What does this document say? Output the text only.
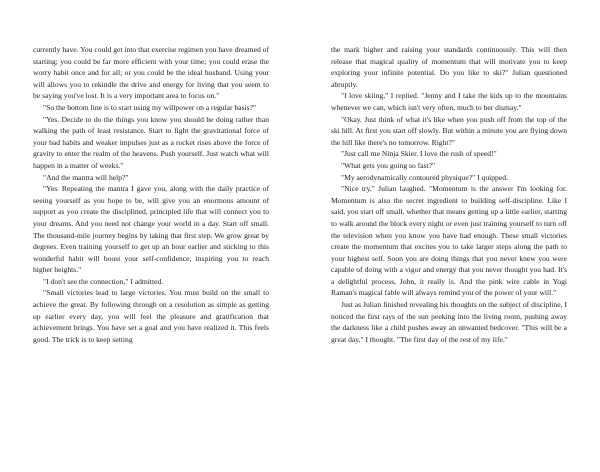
currently have. You could get into that exercise regimen you have dreamed of starting; you could be far more efficient with your time; you could erase the worry habit once and for all; or you could be the ideal husband. Using your will allows you to rekindle the drive and energy for living that you seem to be saying you've lost. It is a very important area to focus on."

"So the bottom line is to start using my willpower on a regular basis?"

"Yes. Decide to do the things you know you should be doing rather than walking the path of least resistance. Start to fight the gravitational force of your bad habits and weaker impulses just as a rocket rises above the force of gravity to enter the realm of the heavens. Push yourself. Just watch what will happen in a matter of weeks."

"And the mantra will help?"

"Yes. Repeating the mantra I gave you, along with the daily practice of seeing yourself as you hope to be, will give you an enormous amount of support as you create the disciplined, principled life that will connect you to your dreams. And you need not change your world in a day. Start off small. The thousand-mile journey begins by taking that first step. We grow great by degrees. Even training yourself to get up an hour earlier and sticking to this wonderful habit will boost your self-confidence, inspiring you to reach higher heights."

"I don't see the connection," I admitted.

"Small victories lead to large victories. You must build on the small to achieve the great. By following through on a resolution as simple as getting up earlier every day, you will feel the pleasure and gratification that achievement brings. You have set a goal and you have realized it. This feels good. The trick is to keep setting

the mark higher and raising your standards continuously. This will then release that magical quality of momentum that will motivate you to keep exploring your infinite potential. Do you like to ski?" Julian questioned abruptly.

"I love skiing," I replied. "Jenny and I take the kids up to the mountains whenever we can, which isn't very often, much to her dismay."

"Okay. Just think of what it's like when you push off from the top of the ski hill. At first you start off slowly. But within a minute you are flying down the hill like there's no tomorrow. Right?"

"Just call me Ninja Skier. I love the rush of speed!"

"What gets you going so fast?"

"My aerodynamically contoured physique?" I quipped.

"Nice try." Julian laughed. "Momentum is the answer I'm looking for. Momentum is also the secret ingredient to building self-discipline. Like I said, you start off small, whether that means getting up a little earlier, starting to walk around the block every night or even just training yourself to turn off the television when you know you have had enough. These small victories create the momentum that excites you to take larger steps along the path to your highest self. Soon you are doing things that you never knew you were capable of doing with a vigor and energy that you never thought you had. It's a delightful process, John, it really is. And the pink wire cable in Yogi Raman's magical fable will always remind you of the power of your will."

Just as Julian finished revealing his thoughts on the subject of discipline, I noticed the first rays of the sun peeking into the living room, pushing away the darkness like a child pushes away an unwanted bedcover. "This will be a great day," I thought. "The first day of the rest of my life."
